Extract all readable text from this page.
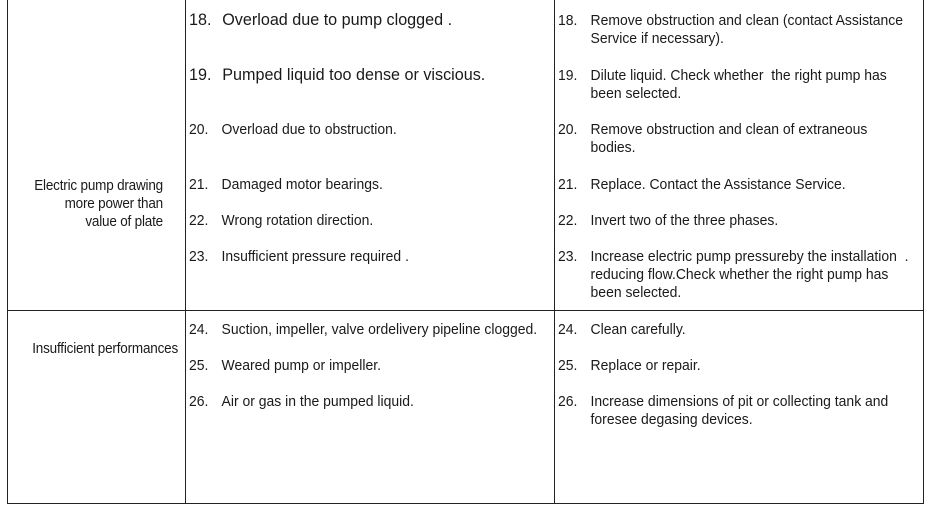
Electric pump drawing
more power than
value of plate
18. Overload due to pump clogged .
19. Pumped liquid too dense or viscious.
20. Overload due to obstruction.
21. Damaged motor bearings.
22. Wrong rotation direction.
23. Insufficient pressure required .
18. Remove obstruction and clean (contact Assistance
Service if necessary).
19. Dilute liquid. Check whether  the right pump has
been selected.
20. Remove obstruction and clean of extraneous
bodies.
21. Replace. Contact the Assistance Service.
22. Invert two of the three phases.
23. Increase electric pump pressureby the installation  .
reducing flow.Check whether the right pump has
been selected.
Insufficient performances
24. Suction, impeller, valve ordelivery pipeline clogged.
25. Weared pump or impeller.
26. Air or gas in the pumped liquid.
24. Clean carefully.
25. Replace or repair.
26. Increase dimensions of pit or collecting tank and
foresee degasing devices.
